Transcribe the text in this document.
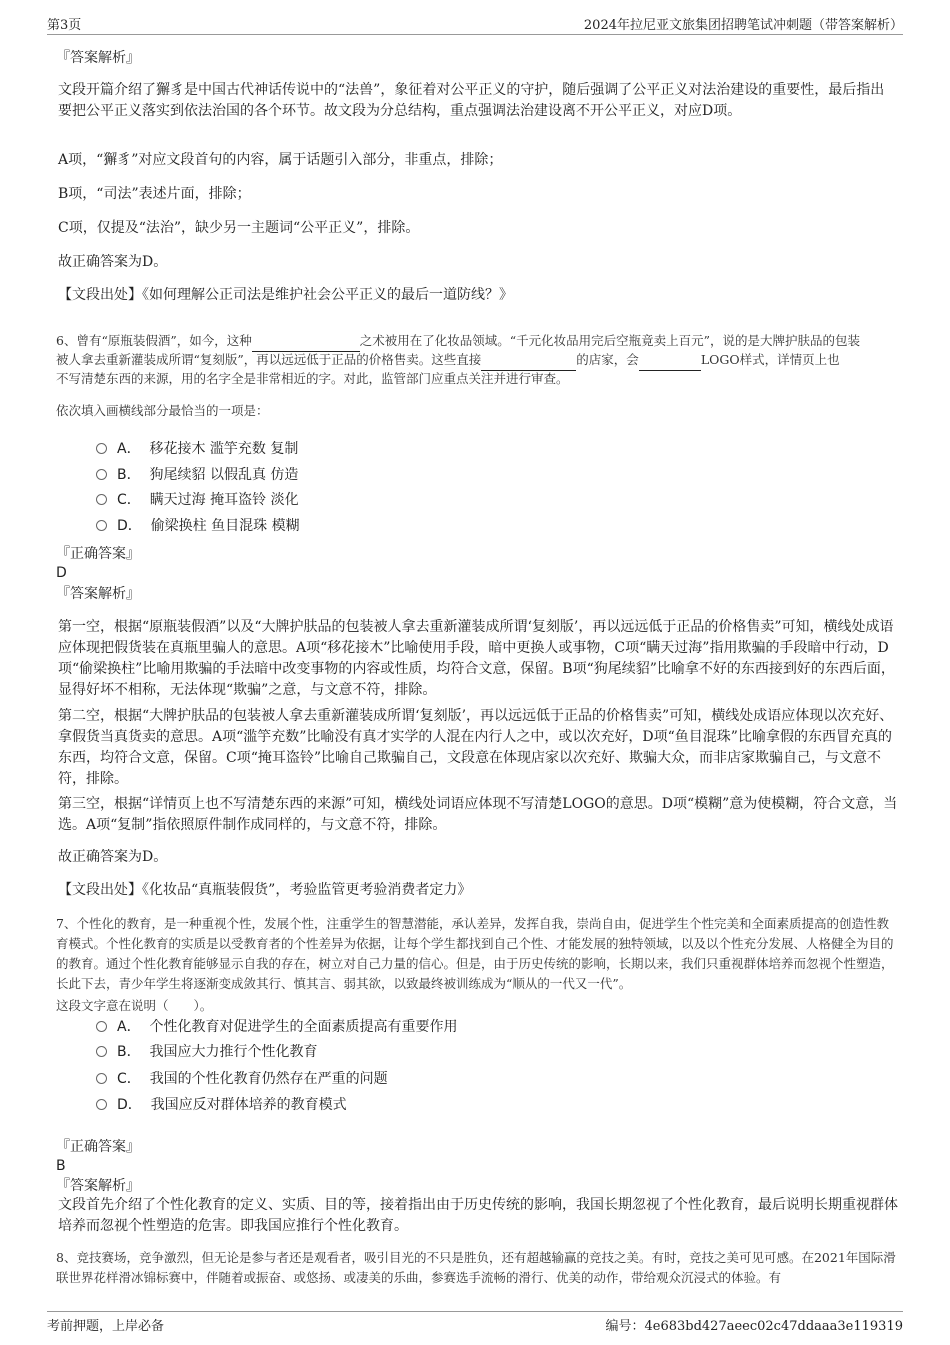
第3页	2024年拉尼亚文旅集团招聘笔试冲刺题（带答案解析）

『答案解析』

文段开篇介绍了獬豸是中国古代神话传说中的“法兽”，象征着对公平正义的守护，随后强调了公平正义对法治建设的重要性，最后指出要把公平正义落实到依法治国的各个环节。故文段为分总结构，重点强调法治建设离不开公平正义，对应D项。

A项，“獬豸”对应文段首句的内容，属于话题引入部分，非重点，排除；

B项，“司法”表述片面，排除；

C项，仅提及“法治”，缺少另一主题词“公平正义”，排除。

故正确答案为D。

【文段出处】《如何理解公正司法是维护社会公平正义的最后一道防线？》

6、曾有“原瓶装假酒”，如今，这种	之术被用在了化妆品领域。“千元化妆品用完后空瓶竟卖上百元”，说的是大牌护肤品的包装

被人拿去重新灌装成所谓“复刻版”，再以远远低于正品的价格售卖。这些直接	的店家，会	LOGO样式，详情页上也

不写清楚东西的来源，用的名字全是非常相近的字。对此，监管部门应重点关注并进行审查。

依次填入画横线部分最恰当的一项是：

A． 移花接木 滥竽充数 复制
B． 狗尾续貂 以假乱真 仿造
C． 瞒天过海 掩耳盗铃 淡化
D． 偷梁换柱 鱼目混珠 模糊

『正确答案』

D

『答案解析』

第一空，根据“原瓶装假酒”以及“大牌护肤品的包装被人拿去重新灌装成所谓‘复刻版’，再以远远低于正品的价格售卖”可知，横线处成语应体现把假货装在真瓶里骗人的意思。A项“移花接木”比喻使用手段，暗中更换人或事物，C项“瞒天过海”指用欺骗的手段暗中行动，D项“偷梁换柱”比喻用欺骗的手法暗中改变事物的内容或性质，均符合文意，保留。B项“狗尾续貂”比喻拿不好的东西接到好的东西后面，显得好坏不相称，无法体现“欺骗”之意，与文意不符，排除。

第二空，根据“大牌护肤品的包装被人拿去重新灌装成所谓‘复刻版’，再以远远低于正品的价格售卖”可知，横线处成语应体现以次充好、拿假货当真货卖的意思。A项“滥竽充数”比喻没有真才实学的人混在内行人之中，或以次充好，D项“鱼目混珠”比喻拿假的东西冒充真的东西，均符合文意，保留。C项“掩耳盗铃”比喻自己欺骗自己，文段意在体现店家以次充好、欺骗大众，而非店家欺骗自己，与文意不符，排除。

第三空，根据“详情页上也不写清楚东西的来源”可知，横线处词语应体现不写清楚LOGO的意思。D项“模糊”意为使模糊，符合文意，当选。A项“复制”指依照原件制作成同样的，与文意不符，排除。

故正确答案为D。

【文段出处】《化妆品“真瓶装假货”，考验监管更考验消费者定力》

7、个性化的教育，是一种重视个性，发展个性，注重学生的智慧潜能，承认差异，发挥自我，崇尚自由，促进学生个性完美和全面素质提高的创造性教育模式。个性化教育的实质是以受教育者的个性差异为依据，让每个学生都找到自己个性、才能发展的独特领域，以及以个性充分发展、人格健全为目的的教育。通过个性化教育能够显示自我的存在，树立对自己力量的信心。但是，由于历史传统的影响，长期以来，我们只重视群体培养而忽视个性塑造，长此下去，青少年学生将逐渐变成敛其行、慎其言、弱其欲，以致最终被训练成为“顺从的一代又一代”。

这段文字意在说明（　　）。

A． 个性化教育对促进学生的全面素质提高有重要作用
B． 我国应大力推行个性化教育
C． 我国的个性化教育仍然存在严重的问题
D． 我国应反对群体培养的教育模式

『正确答案』

B

『答案解析』

文段首先介绍了个性化教育的定义、实质、目的等，接着指出由于历史传统的影响，我国长期忽视了个性化教育，最后说明长期重视群体培养而忽视个性塑造的危害。即我国应推行个性化教育。

8、竞技赛场，竞争激烈，但无论是参与者还是观看者，吸引目光的不只是胜负，还有超越输赢的竞技之美。有时，竞技之美可见可感。在2021年国际滑联世界花样滑冰锦标赛中，伴随着或振奋、或悠扬、或凄美的乐曲，参赛选手流畅的滑行、优美的动作，带给观众沉浸式的体验。有

考前押题，上岸必备	编号：4e683bd427aeec02c47ddaaa3e119319
